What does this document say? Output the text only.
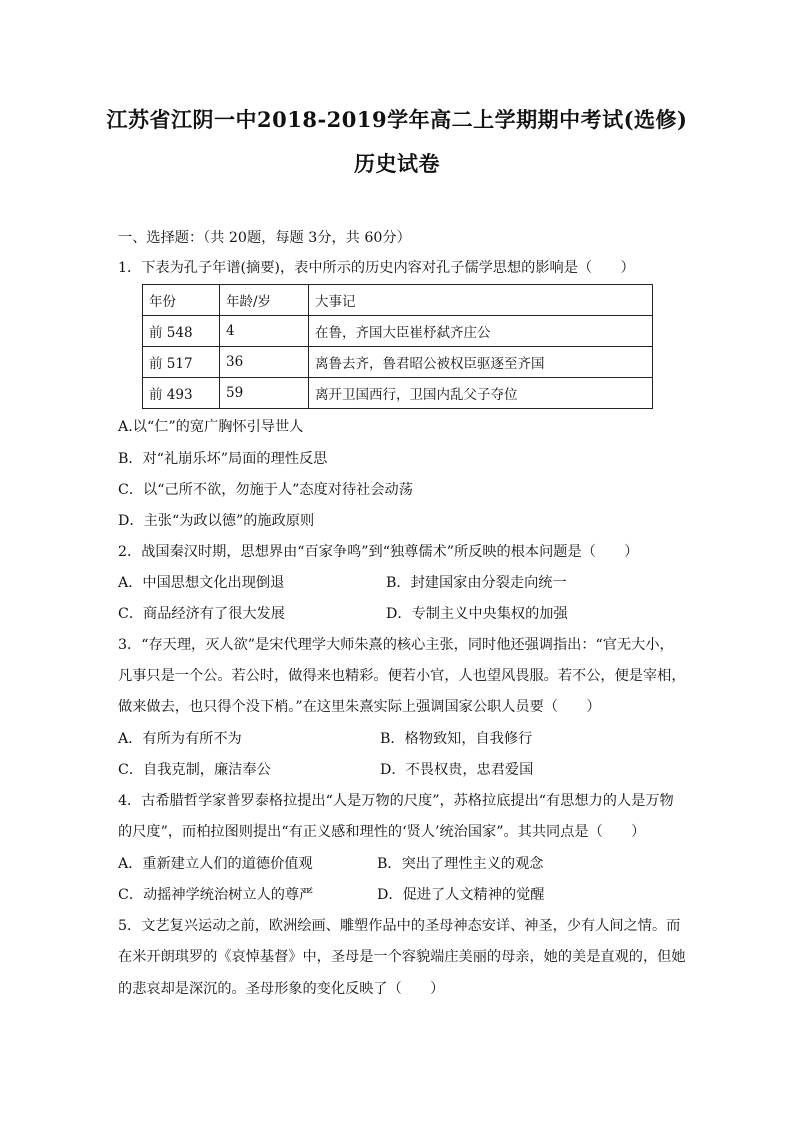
江苏省江阴一中2018-2019学年高二上学期期中考试(选修)
历史试卷
一、选择题：（共 20题，每题 3分，共 60分）
1．下表为孔子年谱(摘要)，表中所示的历史内容对孔子儒学思想的影响是（　　）
年份	年龄/岁	大事记
前 548	4	在鲁，齐国大臣崔杼弑齐庄公
前 517	36	离鲁去齐，鲁君昭公被权臣驱逐至齐国
前 493	59	离开卫国西行，卫国内乱父子夺位
A.以“仁”的宽广胸怀引导世人
B．对“礼崩乐坏”局面的理性反思
C．以“己所不欲，勿施于人”态度对待社会动荡
D．主张“为政以德”的施政原则
2．战国秦汉时期，思想界由“百家争鸣”到“独尊儒术”所反映的根本问题是（　　）
A．中国思想文化出现倒退	B．封建国家由分裂走向统一
C．商品经济有了很大发展	D．专制主义中央集权的加强
3．“存天理，灭人欲”是宋代理学大师朱熹的核心主张，同时他还强调指出：“官无大小，
凡事只是一个公。若公时，做得来也精彩。便若小官，人也望风畏服。若不公，便是宰相，
做来做去，也只得个没下梢。”在这里朱熹实际上强调国家公职人员要（　　）
A．有所为有所不为	B．格物致知，自我修行
C．自我克制，廉洁奉公	D．不畏权贵，忠君爱国
4．古希腊哲学家普罗泰格拉提出“人是万物的尺度”，苏格拉底提出“有思想力的人是万物
的尺度”，而柏拉图则提出“有正义感和理性的‘贤人’统治国家”。其共同点是（　　）
A．重新建立人们的道德价值观	B．突出了理性主义的观念
C．动摇神学统治树立人的尊严	D．促进了人文精神的觉醒
5．文艺复兴运动之前，欧洲绘画、雕塑作品中的圣母神态安详、神圣，少有人间之情。而
在米开朗琪罗的《哀悼基督》中，圣母是一个容貌端庄美丽的母亲，她的美是直观的，但她
的悲哀却是深沉的。圣母形象的变化反映了（　　）
